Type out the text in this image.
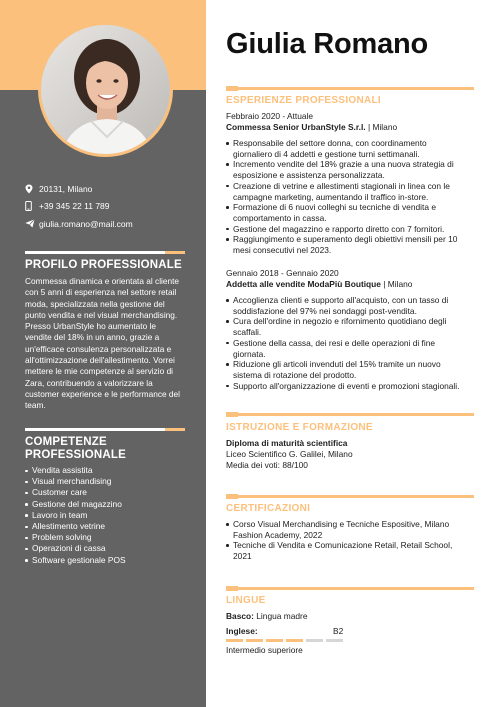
20131, Milano
+39 345 22 11 789
giulia.romano@mail.com
PROFILO PROFESSIONALE
Commessa dinamica e orientata al cliente
con 5 anni di esperienza nel settore retail
moda, specializzata nella gestione del
punto vendita e nel visual merchandising.
Presso UrbanStyle ho aumentato le
vendite del 18% in un anno, grazie a
un'efficace consulenza personalizzata e
all'ottimizzazione dell'allestimento. Vorrei
mettere le mie competenze al servizio di
Zara, contribuendo a valorizzare la
customer experience e le performance del
team.
COMPETENZE
PROFESSIONALE
Vendita assistita
Visual merchandising
Customer care
Gestione del magazzino
Lavoro in team
Allestimento vetrine
Problem solving
Operazioni di cassa
Software gestionale POS
Giulia Romano
ESPERIENZE PROFESSIONALI
Febbraio 2020 - Attuale
Commessa Senior UrbanStyle S.r.l. | Milano
Responsabile del settore donna, con coordinamento
giornaliero di 4 addetti e gestione turni settimanali.
Incremento vendite del 18% grazie a una nuova strategia di
esposizione e assistenza personalizzata.
Creazione di vetrine e allestimenti stagionali in linea con le
campagne marketing, aumentando il traffico in-store.
Formazione di 6 nuovi colleghi su tecniche di vendita e
comportamento in cassa.
Gestione del magazzino e rapporto diretto con 7 fornitori.
Raggiungimento e superamento degli obiettivi mensili per 10
mesi consecutivi nel 2023.
Gennaio 2018 - Gennaio 2020
Addetta alle vendite ModaPiù Boutique | Milano
Accoglienza clienti e supporto all'acquisto, con un tasso di
soddisfazione del 97% nei sondaggi post-vendita.
Cura dell'ordine in negozio e rifornimento quotidiano degli
scaffali.
Gestione della cassa, dei resi e delle operazioni di fine
giornata.
Riduzione gli articoli invenduti del 15% tramite un nuovo
sistema di rotazione del prodotto.
Supporto all'organizzazione di eventi e promozioni stagionali.
ISTRUZIONE E FORMAZIONE
Diploma di maturità scientifica
Liceo Scientifico G. Galilei, Milano
Media dei voti: 88/100
CERTIFICAZIONI
Corso Visual Merchandising e Tecniche Espositive, Milano
Fashion Academy, 2022
Tecniche di Vendita e Comunicazione Retail, Retail School,
2021
LINGUE
Basco: Lingua madre
Inglese:	B2
Intermedio superiore
